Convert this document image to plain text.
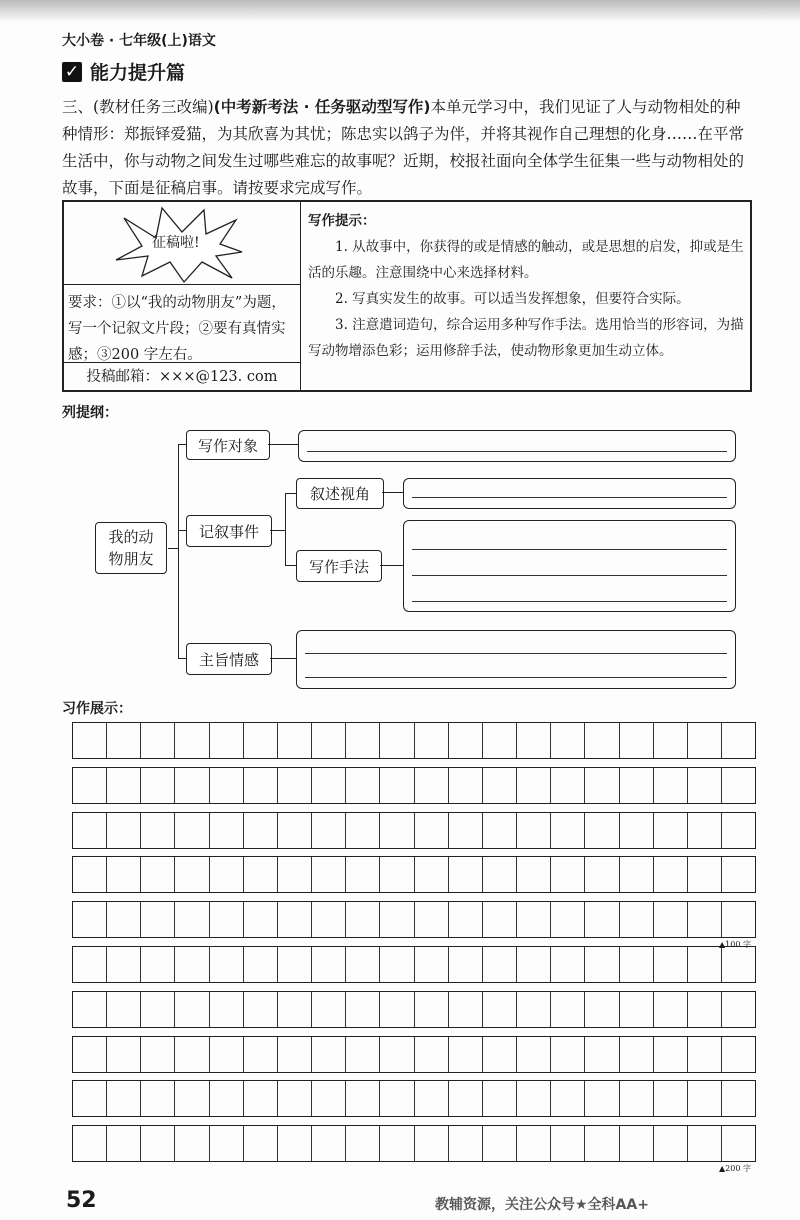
大小卷 · 七年级(上)语文
✓ 能力提升篇
三、(教材任务三改编)(中考新考法 · 任务驱动型写作)本单元学习中，我们见证了人与动物相处的种种情形：郑振铎爱猫，为其欣喜为其忧；陈忠实以鸽子为伴，并将其视作自己理想的化身……在平常生活中，你与动物之间发生过哪些难忘的故事呢？近期，校报社面向全体学生征集一些与动物相处的故事，下面是征稿启事。请按要求完成写作。
征稿啦!
要求：①以“我的动物朋友”为题，写一个记叙文片段；②要有真情实感；③200 字左右。
投稿邮箱：×××@123. com
写作提示：
1. 从故事中，你获得的或是情感的触动，或是思想的启发，抑或是生活的乐趣。注意围绕中心来选择材料。
2. 写真实发生的故事。可以适当发挥想象，但要符合实际。
3. 注意遣词造句，综合运用多种写作手法。选用恰当的形容词，为描写动物增添色彩；运用修辞手法，使动物形象更加生动立体。
列提纲：
我的动物朋友
写作对象
记叙事件
叙述视角
写作手法
主旨情感
习作展示：
▲100 字
▲200 字
52	教辅资源，关注公众号★全科AA+
